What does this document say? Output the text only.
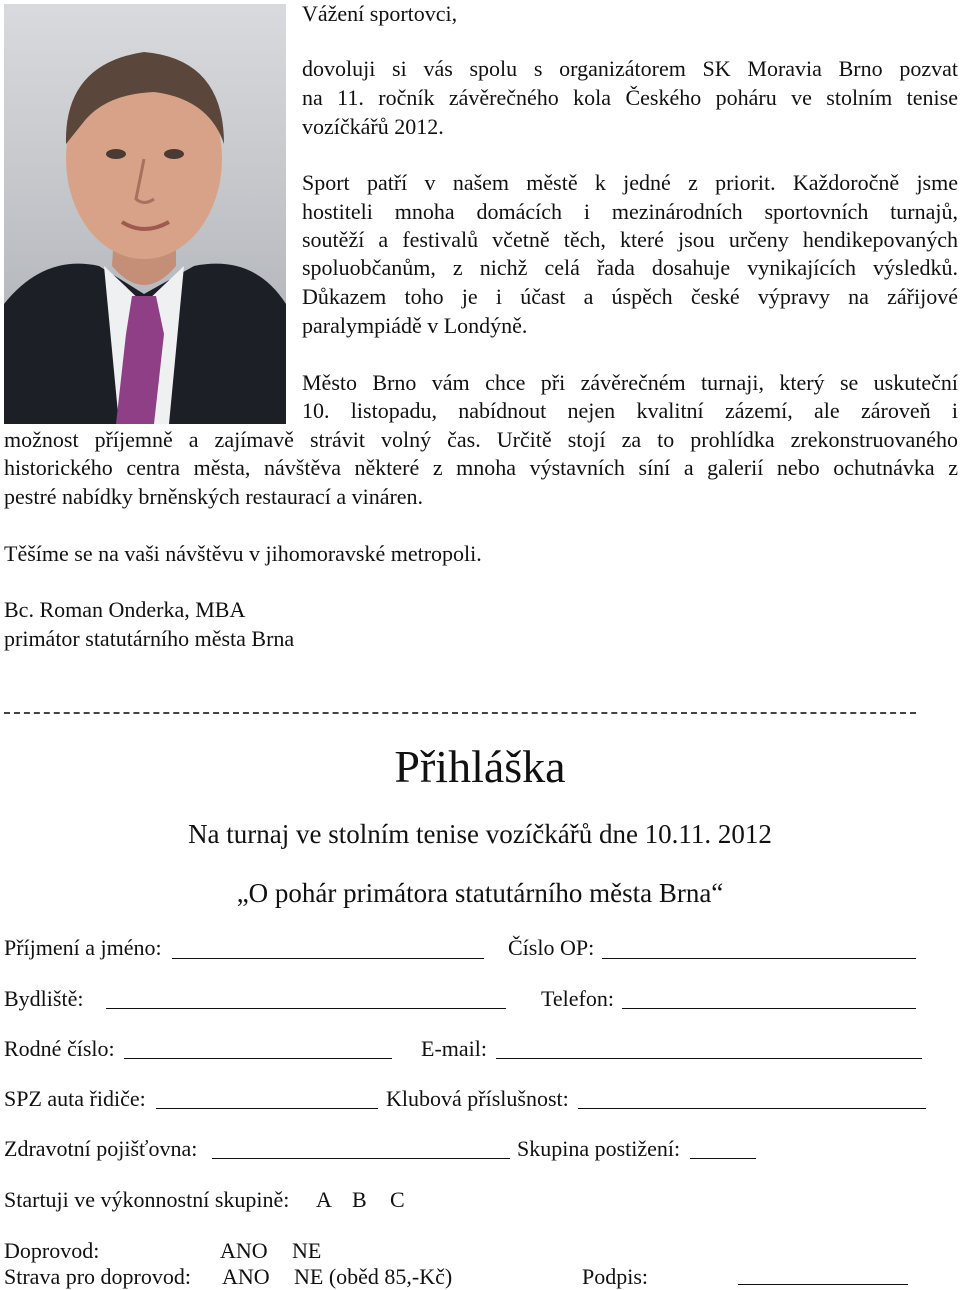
Vážení sportovci,
dovoluji si vás spolu s organizátorem SK Moravia Brno pozvat
na 11. ročník závěrečného kola Českého poháru ve stolním tenise
vozíčkářů 2012.
Sport patří v našem městě k jedné z priorit. Každoročně jsme
hostiteli mnoha domácích i mezinárodních sportovních turnajů,
soutěží a festivalů včetně těch, které jsou určeny hendikepovaných
spoluobčanům, z nichž celá řada dosahuje vynikajících výsledků.
Důkazem toho je i účast a úspěch české výpravy na zářijové
paralympiádě v Londýně.
Město Brno vám chce při závěrečném turnaji, který se uskuteční
10. listopadu, nabídnout nejen kvalitní zázemí, ale zároveň i
možnost příjemně a zajímavě strávit volný čas. Určitě stojí za to prohlídka zrekonstruovaného
historického centra města, návštěva některé z mnoha výstavních síní a galerií nebo ochutnávka z
pestré nabídky brněnských restaurací a vináren.
Těšíme se na vaši návštěvu v jihomoravské metropoli.
Bc. Roman Onderka, MBA
primátor statutárního města Brna
Přihláška
Na turnaj ve stolním tenise vozíčkářů dne 10.11. 2012
„O pohár primátora statutárního města Brna“
Příjmení a jméno:	Číslo OP:
Bydliště:	Telefon:
Rodné číslo:	E-mail:
SPZ auta řidiče:	Klubová příslušnost:
Zdravotní pojišťovna:	Skupina postižení:
Startuji ve výkonnostní skupině: A B C
Doprovod:	ANO NE
Strava pro doprovod: ANO NE (oběd 85,-Kč)	Podpis:
